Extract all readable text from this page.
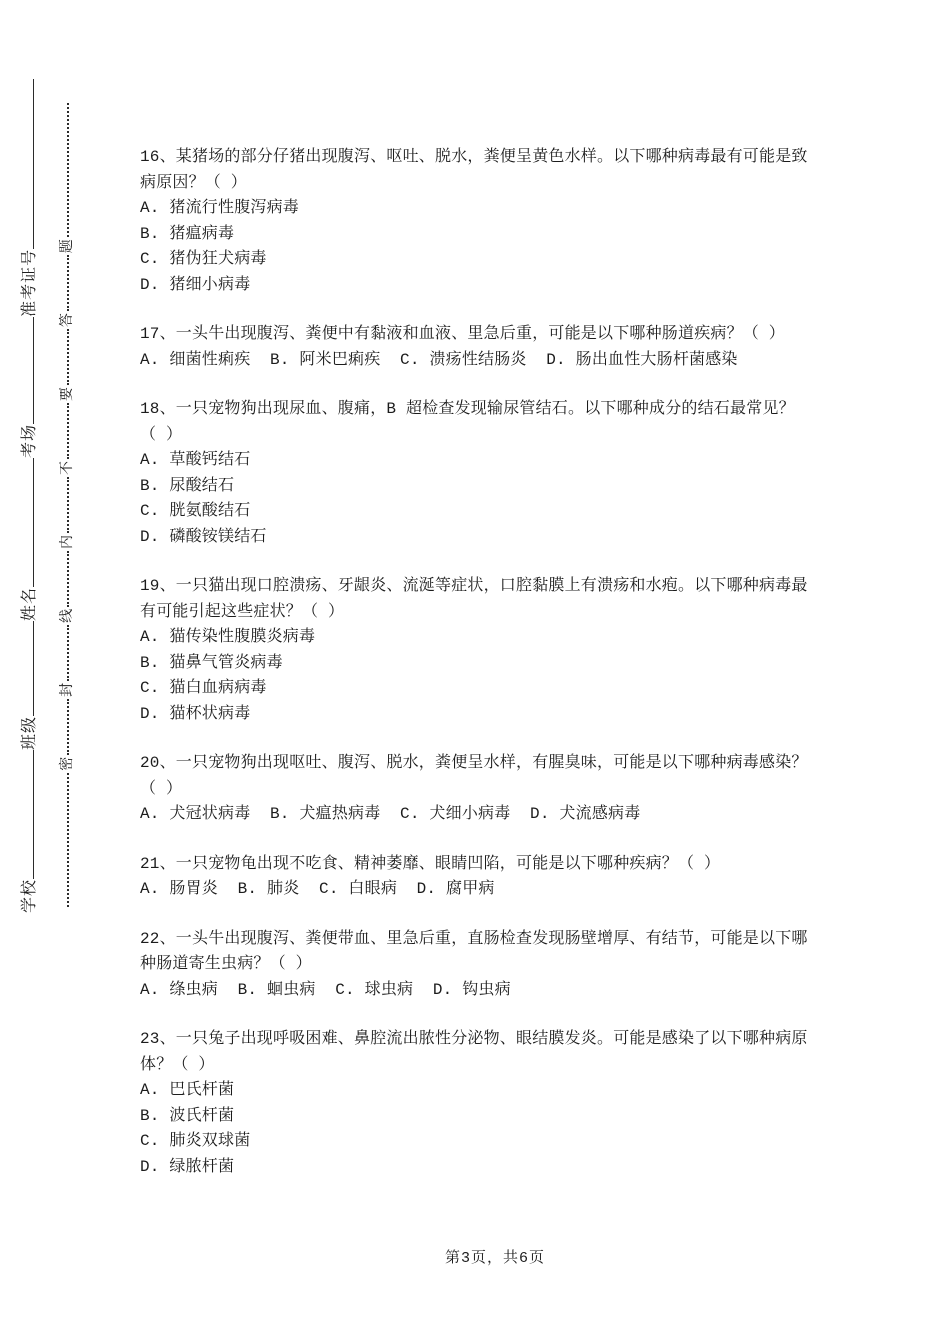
学校
班级
姓名
考场
准考证号
密
封
线
内
不
要
答
题
16、某猪场的部分仔猪出现腹泻、呕吐、脱水，粪便呈黄色水样。以下哪种病毒最有可能是致
病原因？（ ）
A. 猪流行性腹泻病毒
B. 猪瘟病毒
C. 猪伪狂犬病毒
D. 猪细小病毒
17、一头牛出现腹泻、粪便中有黏液和血液、里急后重，可能是以下哪种肠道疾病？（ ）
A. 细菌性痢疾  B. 阿米巴痢疾  C. 溃疡性结肠炎  D. 肠出血性大肠杆菌感染
18、一只宠物狗出现尿血、腹痛，B 超检查发现输尿管结石。以下哪种成分的结石最常见？
（ ）
A. 草酸钙结石
B. 尿酸结石
C. 胱氨酸结石
D. 磷酸铵镁结石
19、一只猫出现口腔溃疡、牙龈炎、流涎等症状，口腔黏膜上有溃疡和水疱。以下哪种病毒最
有可能引起这些症状？（ ）
A. 猫传染性腹膜炎病毒
B. 猫鼻气管炎病毒
C. 猫白血病病毒
D. 猫杯状病毒
20、一只宠物狗出现呕吐、腹泻、脱水，粪便呈水样，有腥臭味，可能是以下哪种病毒感染？
（ ）
A. 犬冠状病毒  B. 犬瘟热病毒  C. 犬细小病毒  D. 犬流感病毒
21、一只宠物龟出现不吃食、精神萎靡、眼睛凹陷，可能是以下哪种疾病？（ ）
A. 肠胃炎  B. 肺炎  C. 白眼病  D. 腐甲病
22、一头牛出现腹泻、粪便带血、里急后重，直肠检查发现肠壁增厚、有结节，可能是以下哪
种肠道寄生虫病？（ ）
A. 绦虫病  B. 蛔虫病  C. 球虫病  D. 钩虫病
23、一只兔子出现呼吸困难、鼻腔流出脓性分泌物、眼结膜发炎。可能是感染了以下哪种病原
体？（ ）
A. 巴氏杆菌
B. 波氏杆菌
C. 肺炎双球菌
D. 绿脓杆菌

第3页，共6页
